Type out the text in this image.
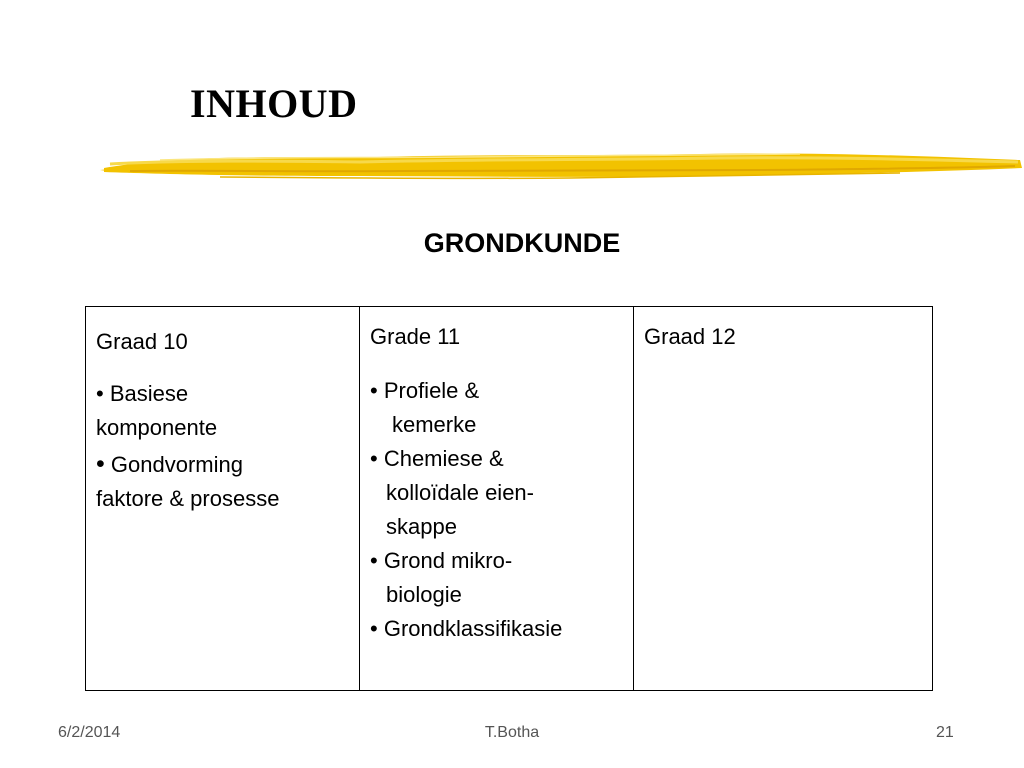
INHOUD
GRONDKUNDE
Graad 10
• Basiese
komponente
• Gondvorming
faktore & prosesse

Grade 11
• Profiele &
kemerke
• Chemiese &
kolloïdale eien-
skappe
• Grond mikro-
biologie
• Grondklassifikasie

Graad 12
6/2/2014	T.Botha	21
